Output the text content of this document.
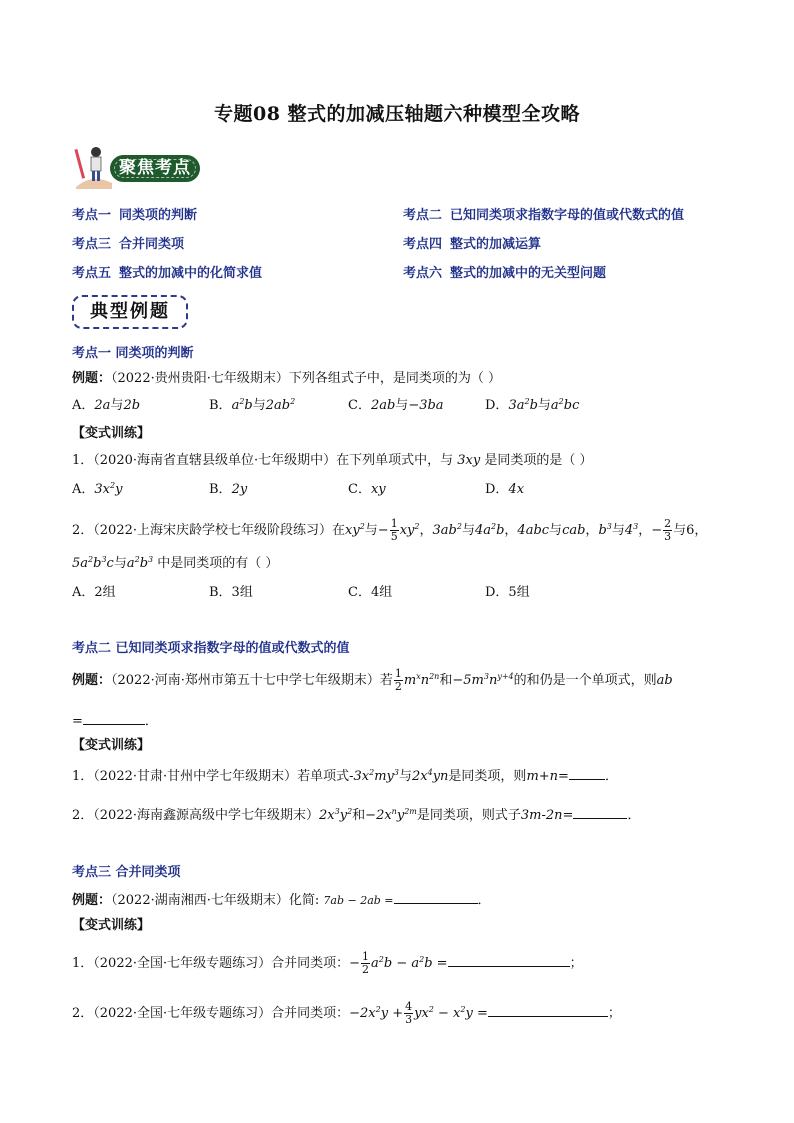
专题08 整式的加减压轴题六种模型全攻略
聚焦考点
考点一 同类项的判断	考点二 已知同类项求指数字母的值或代数式的值
考点三 合并同类项	考点四 整式的加减运算
考点五 整式的加减中的化简求值	考点六 整式的加减中的无关型问题
典型例题
考点一 同类项的判断
例题：（2022·贵州贵阳·七年级期末）下列各组式子中，是同类项的为（ ）
A．2a与2b	B．$a^2b$与$2ab^2$	C．2ab与−3ba	D．$3a^2b$与$a^2bc$
【变式训练】
1．（2020·海南省直辖县级单位·七年级期中）在下列单项式中，与 3xy 是同类项的是（ ）
A．$3x^2y$	B．2y	C．xy	D．4x
2．（2022·上海宋庆龄学校七年级阶段练习）在$xy^2$与− $\frac{1}{5} xy^2$，$3ab^2$与$4a^2b$，4abc与cab，$b^3$与$4^3$，− $\frac{2}{3}$ 与6，
$5a^2b^3c$与$a^2b^3$ 中是同类项的有（ ）
A．2组	B．3组	C．4组	D．5组
考点二 已知同类项求指数字母的值或代数式的值
例题：（2022·河南·郑州市第五十七中学七年级期末）若 $\frac{1}{2} m^xn^{2n}$和$-5m^3n^{y+4}$的和仍是一个单项式，则ab
=	．
【变式训练】
1．（2022·甘肃·甘州中学七年级期末）若单项式$-3x^2my^3$与$2x^4yn$是同类项，则m+n=	．
2．（2022·海南鑫源高级中学七年级期末）$2x^3y^2$和$-2x^ny^{2m}$是同类项，则式子3m-2n=	．
考点三 合并同类项
例题：（2022·湖南湘西·七年级期末）化简: 7ab − 2ab =	．
【变式训练】
1．（2022·全国·七年级专题练习）合并同类项：− $\frac{1}{2} a^2b - a^2b$ =	；
2．（2022·全国·七年级专题练习）合并同类项：$-2x^2y + \frac{4}{3} yx^2 - x^2y$ =	；
